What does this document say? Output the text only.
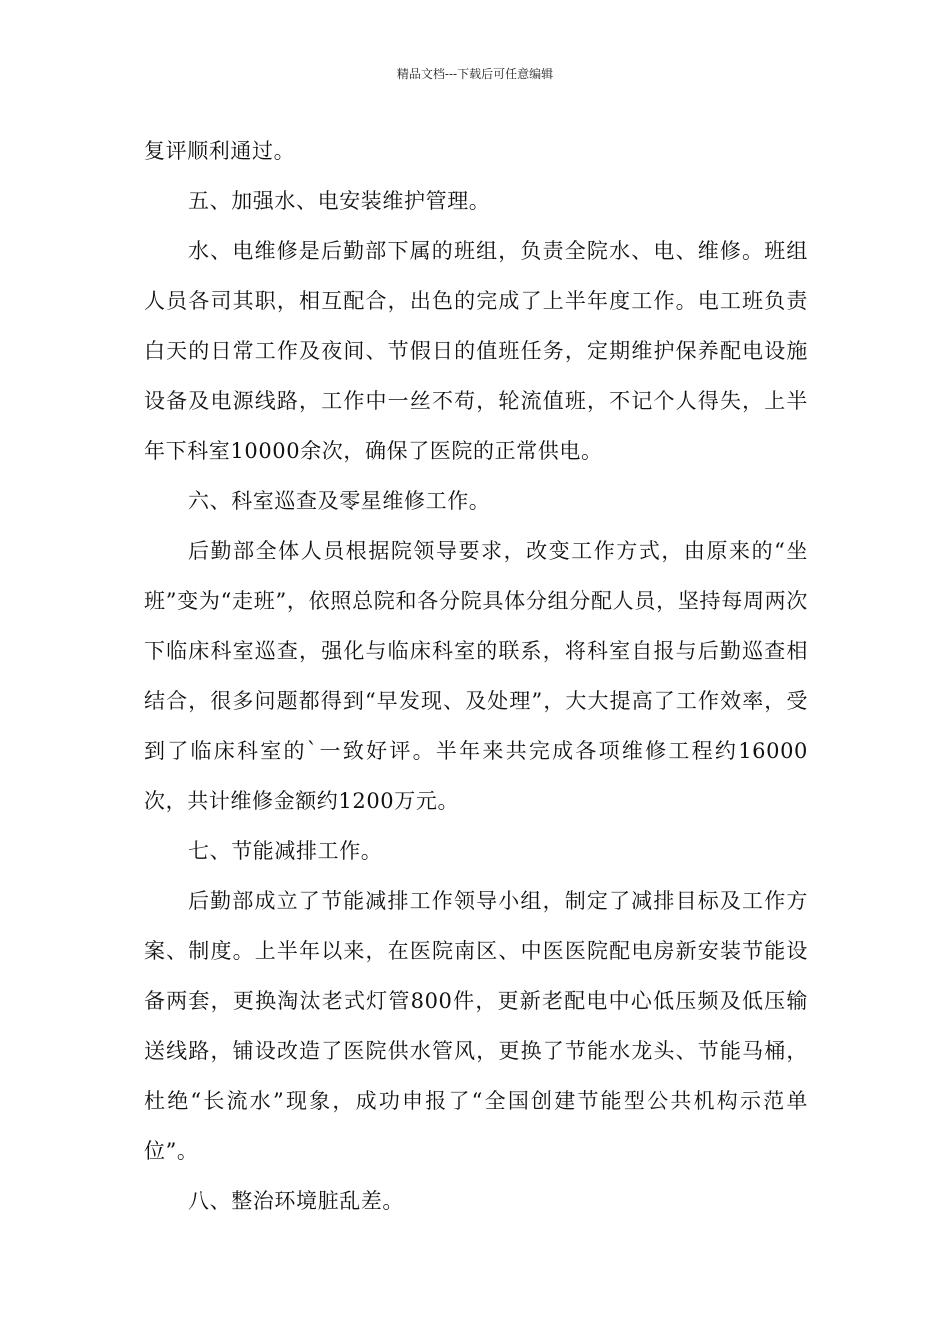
精品文档---下载后可任意编辑

复评顺利通过。

五、加强水、电安装维护管理。

水、电维修是后勤部下属的班组，负责全院水、电、维修。班组人员各司其职，相互配合，出色的完成了上半年度工作。电工班负责白天的日常工作及夜间、节假日的值班任务，定期维护保养配电设施设备及电源线路，工作中一丝不苟，轮流值班，不记个人得失，上半年下科室10000余次，确保了医院的正常供电。

六、科室巡查及零星维修工作。

后勤部全体人员根据院领导要求，改变工作方式，由原来的“坐班”变为“走班”，依照总院和各分院具体分组分配人员，坚持每周两次下临床科室巡查，强化与临床科室的联系，将科室自报与后勤巡查相结合，很多问题都得到“早发现、及处理”，大大提高了工作效率，受到了临床科室的`一致好评。半年来共完成各项维修工程约16000次，共计维修金额约1200万元。

七、节能减排工作。

后勤部成立了节能减排工作领导小组，制定了减排目标及工作方案、制度。上半年以来，在医院南区、中医医院配电房新安装节能设备两套，更换淘汰老式灯管800件，更新老配电中心低压频及低压输送线路，铺设改造了医院供水管风，更换了节能水龙头、节能马桶，杜绝“长流水”现象，成功申报了“全国创建节能型公共机构示范单位”。

八、整治环境脏乱差。
